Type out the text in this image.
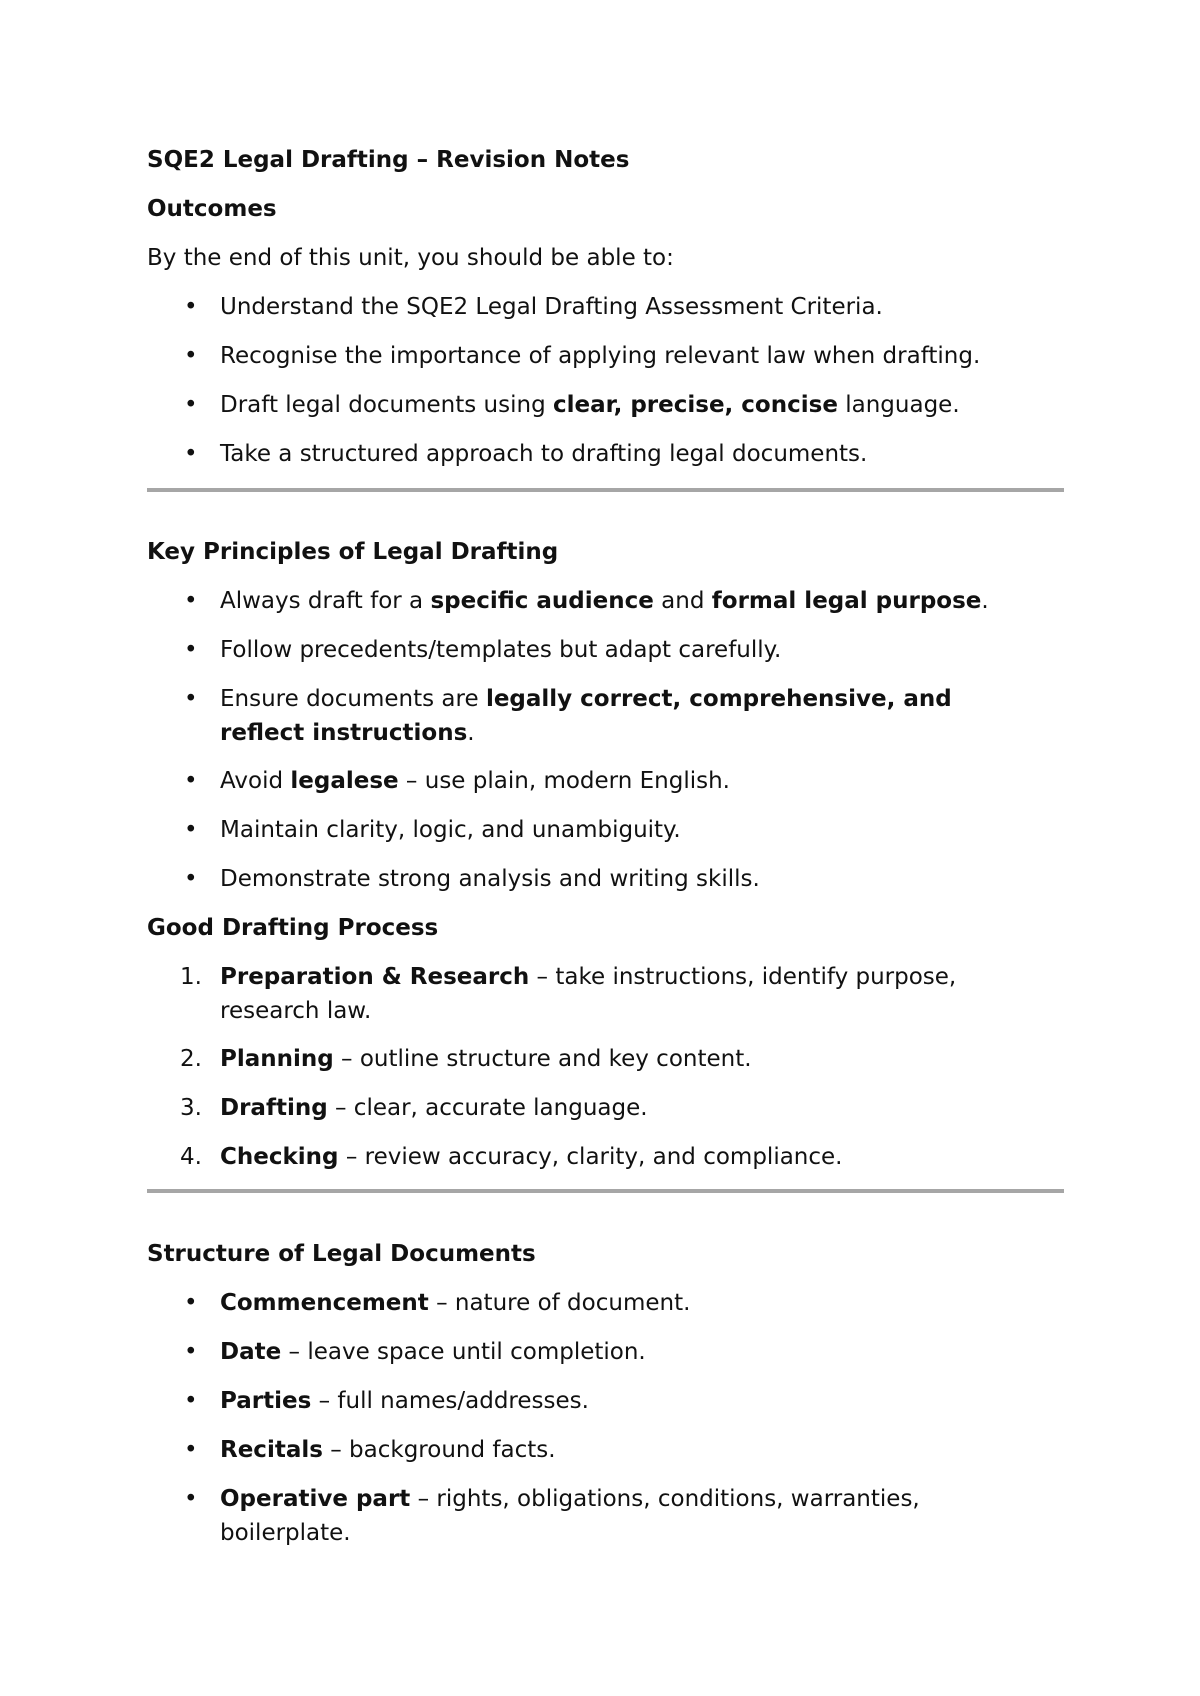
SQE2 Legal Drafting – Revision Notes

Outcomes

By the end of this unit, you should be able to:

• Understand the SQE2 Legal Drafting Assessment Criteria.

• Recognise the importance of applying relevant law when drafting.

• Draft legal documents using clear, precise, concise language.

• Take a structured approach to drafting legal documents.

Key Principles of Legal Drafting

• Always draft for a specific audience and formal legal purpose.

• Follow precedents/templates but adapt carefully.

• Ensure documents are legally correct, comprehensive, and
reflect instructions.

• Avoid legalese – use plain, modern English.

• Maintain clarity, logic, and unambiguity.

• Demonstrate strong analysis and writing skills.

Good Drafting Process

1. Preparation & Research – take instructions, identify purpose,
research law.

2. Planning – outline structure and key content.

3. Drafting – clear, accurate language.

4. Checking – review accuracy, clarity, and compliance.

Structure of Legal Documents

• Commencement – nature of document.

• Date – leave space until completion.

• Parties – full names/addresses.

• Recitals – background facts.

• Operative part – rights, obligations, conditions, warranties,
boilerplate.
